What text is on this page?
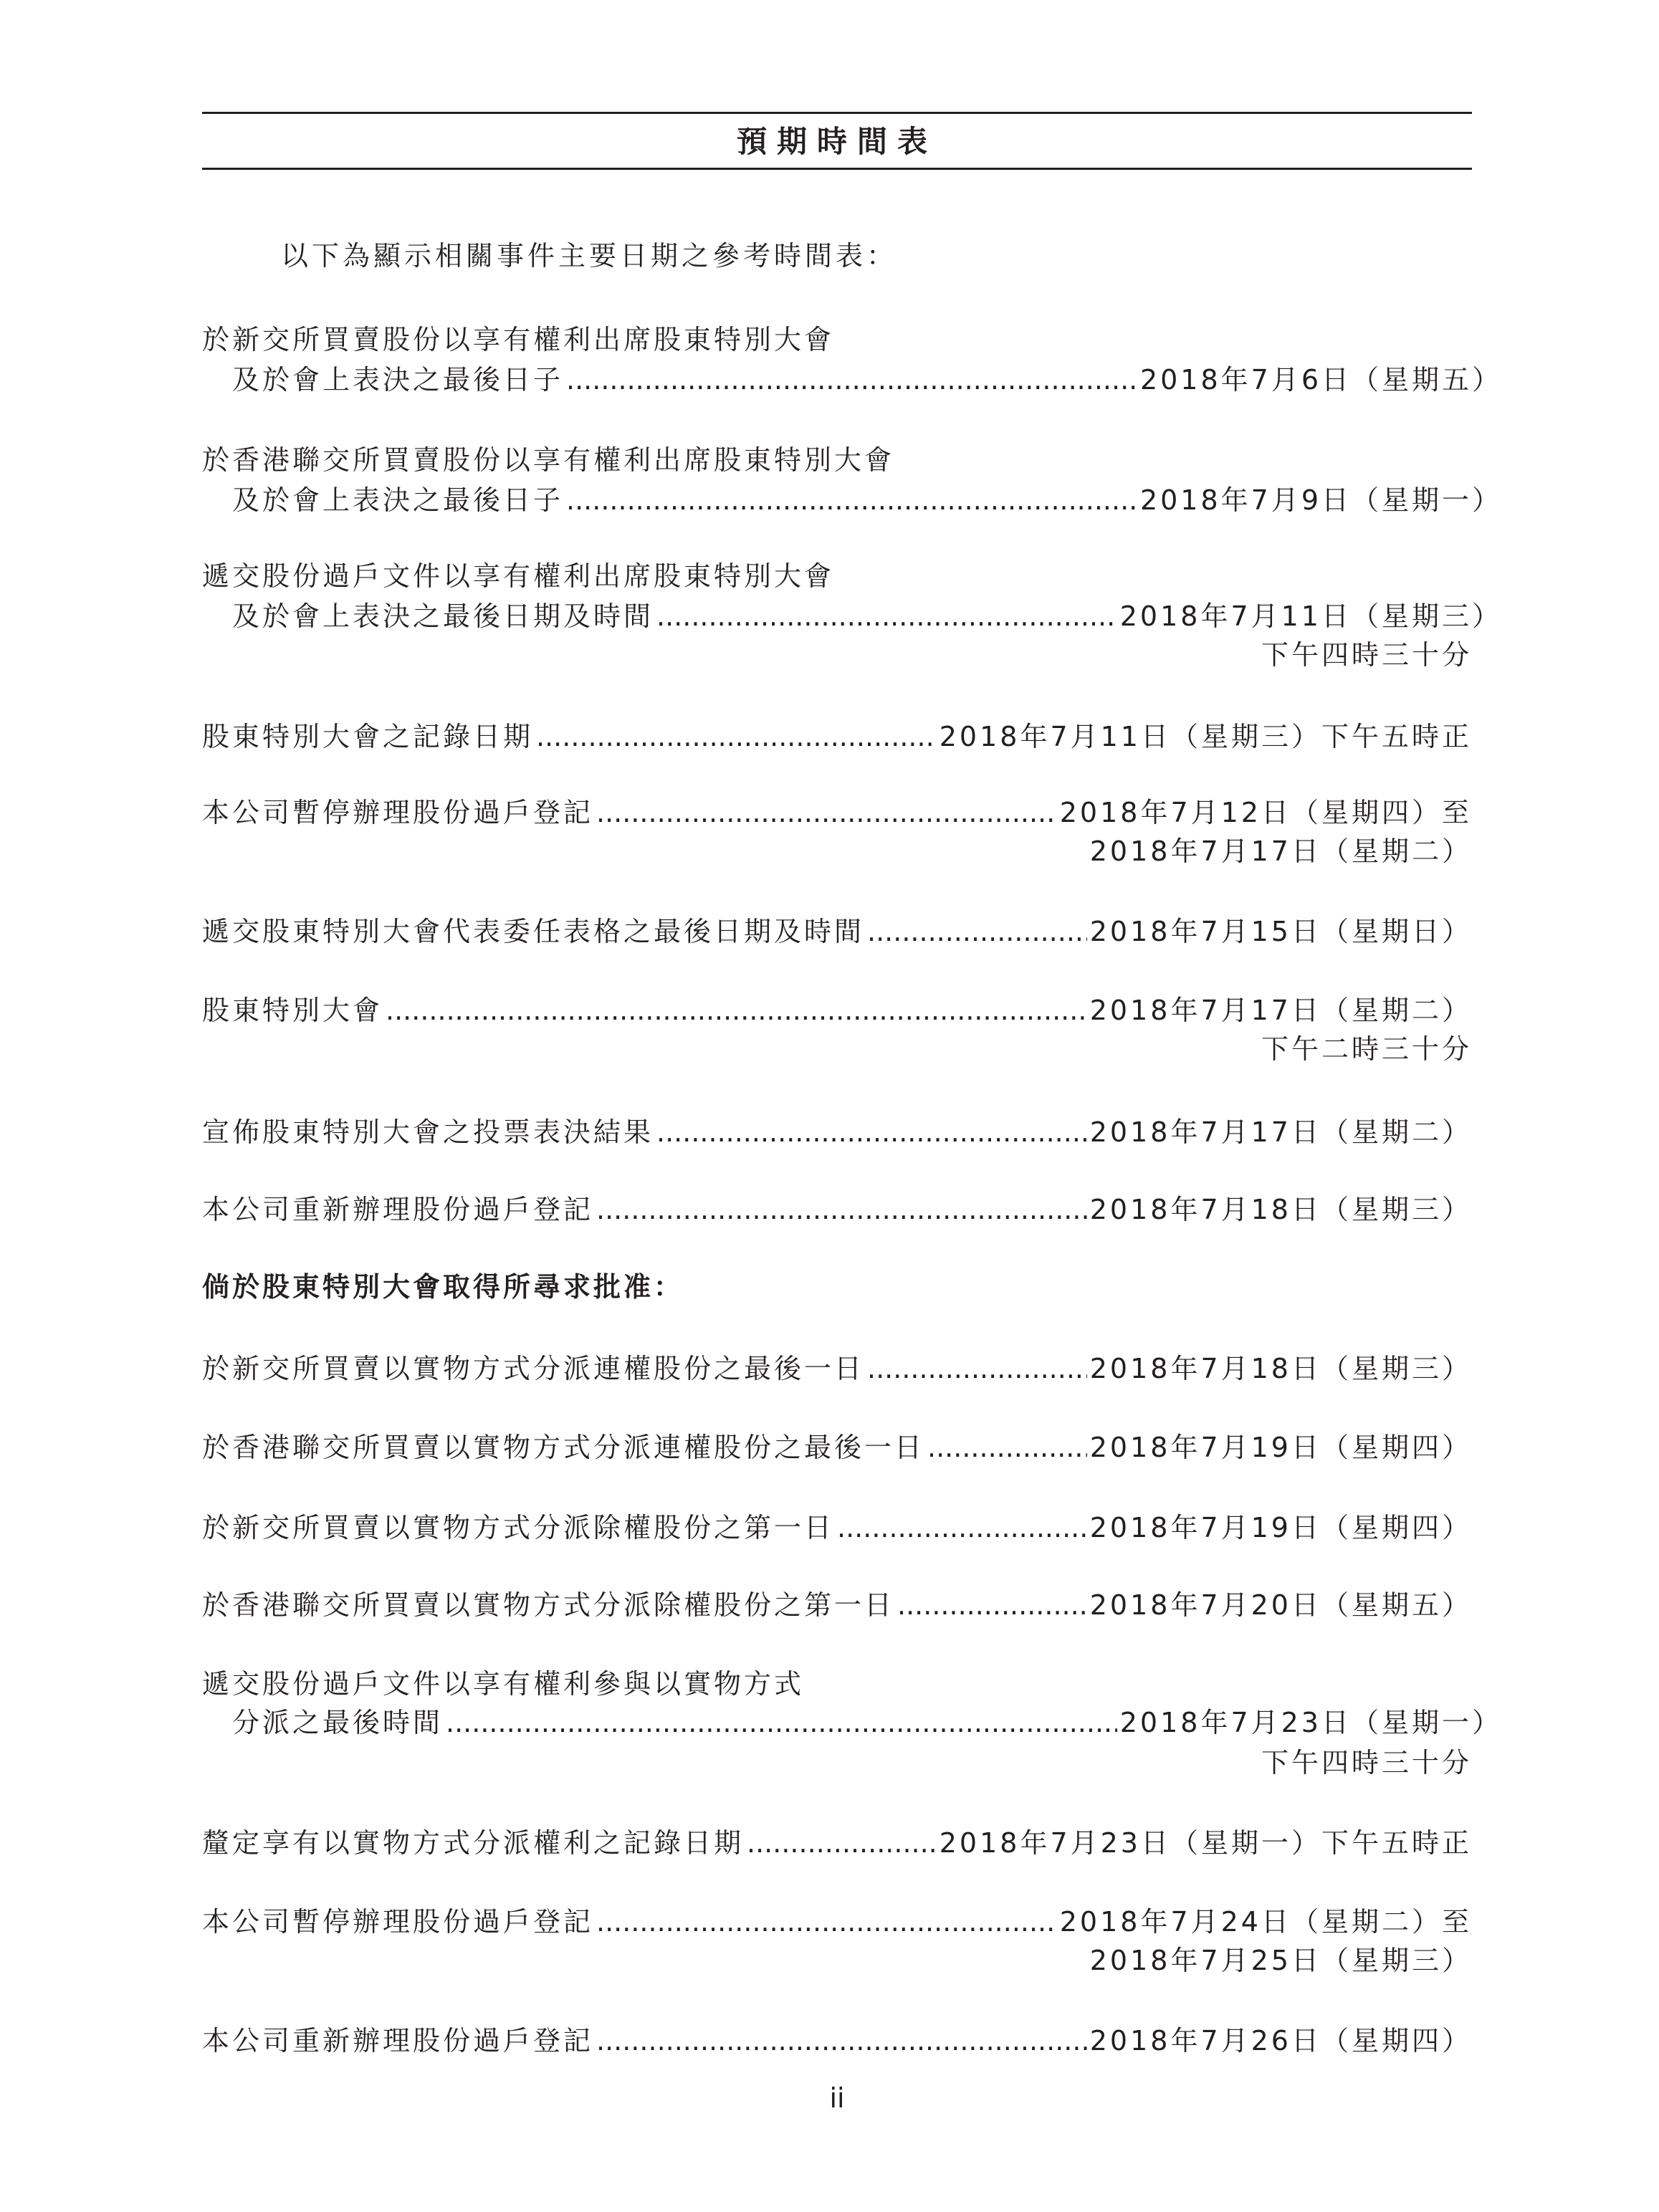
預期時間表
以下為顯示相關事件主要日期之參考時間表：
於新交所買賣股份以享有權利出席股東特別大會
及於會上表決之最後日子 .....	2018年7月6日（星期五）
於香港聯交所買賣股份以享有權利出席股東特別大會
及於會上表決之最後日子 .....	2018年7月9日（星期一）
遞交股份過戶文件以享有權利出席股東特別大會
及於會上表決之最後日期及時間 .....	2018年7月11日（星期三）
下午四時三十分
股東特別大會之記錄日期 .....	2018年7月11日（星期三）下午五時正
本公司暫停辦理股份過戶登記 .....	2018年7月12日（星期四）至
2018年7月17日（星期二）
遞交股東特別大會代表委任表格之最後日期及時間 .....	2018年7月15日（星期日）
股東特別大會 .....	2018年7月17日（星期二）
下午二時三十分
宣佈股東特別大會之投票表決結果 .....	2018年7月17日（星期二）
本公司重新辦理股份過戶登記 .....	2018年7月18日（星期三）
倘於股東特別大會取得所尋求批准：
於新交所買賣以實物方式分派連權股份之最後一日 .....	2018年7月18日（星期三）
於香港聯交所買賣以實物方式分派連權股份之最後一日 .....	2018年7月19日（星期四）
於新交所買賣以實物方式分派除權股份之第一日 .....	2018年7月19日（星期四）
於香港聯交所買賣以實物方式分派除權股份之第一日 .....	2018年7月20日（星期五）
遞交股份過戶文件以享有權利參與以實物方式
分派之最後時間 .....	2018年7月23日（星期一）
下午四時三十分
釐定享有以實物方式分派權利之記錄日期 .....	2018年7月23日（星期一）下午五時正
本公司暫停辦理股份過戶登記 .....	2018年7月24日（星期二）至
2018年7月25日（星期三）
本公司重新辦理股份過戶登記 .....	2018年7月26日（星期四）
ii
